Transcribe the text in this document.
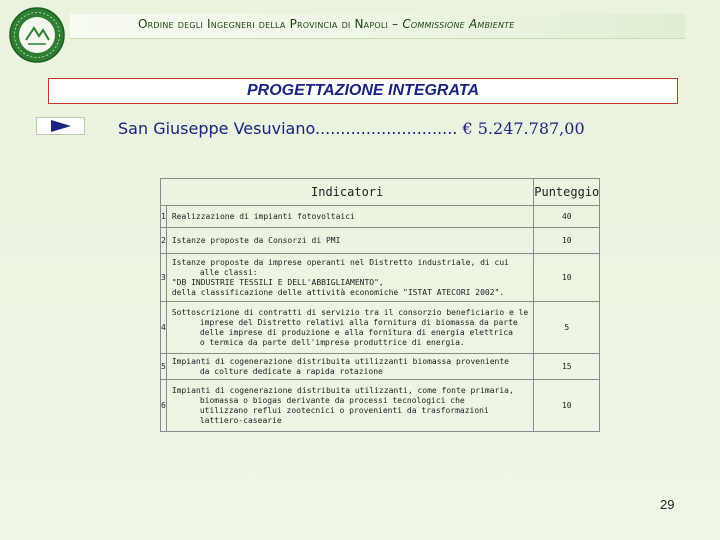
Ordine degli Ingegneri della Provincia di Napoli – Commissione Ambiente
PROGETTAZIONE INTEGRATA
San Giuseppe Vesuviano............................ € 5.247.787,00
Indicatori		Punteggio
1	Realizzazione di impianti fotovoltaici	40
2	Istanze proposte da Consorzi di PMI	10
3	Istanze proposte da imprese operanti nel Distretto industriale, di cui
alle classi:
"DB INDUSTRIE TESSILI E DELL'ABBIGLIAMENTO",
della classificazione delle attività economiche "ISTAT ATECORI 2002".	10
4	Sottoscrizione di contratti di servizio tra il consorzio beneficiario e le
imprese del Distretto relativi alla fornitura di biomassa da parte
delle imprese di produzione e alla fornitura di energia elettrica
o termica da parte dell'impresa produttrice di energia.	5
5	Impianti di cogenerazione distribuita utilizzanti biomassa proveniente
da colture dedicate a rapida rotazione	15
6	Impianti di cogenerazione distribuita utilizzanti, come fonte primaria,
biomassa o biogas derivante da processi tecnologici che
utilizzano reflui zootecnici o provenienti da trasformazioni
lattiero-casearie	10
29
